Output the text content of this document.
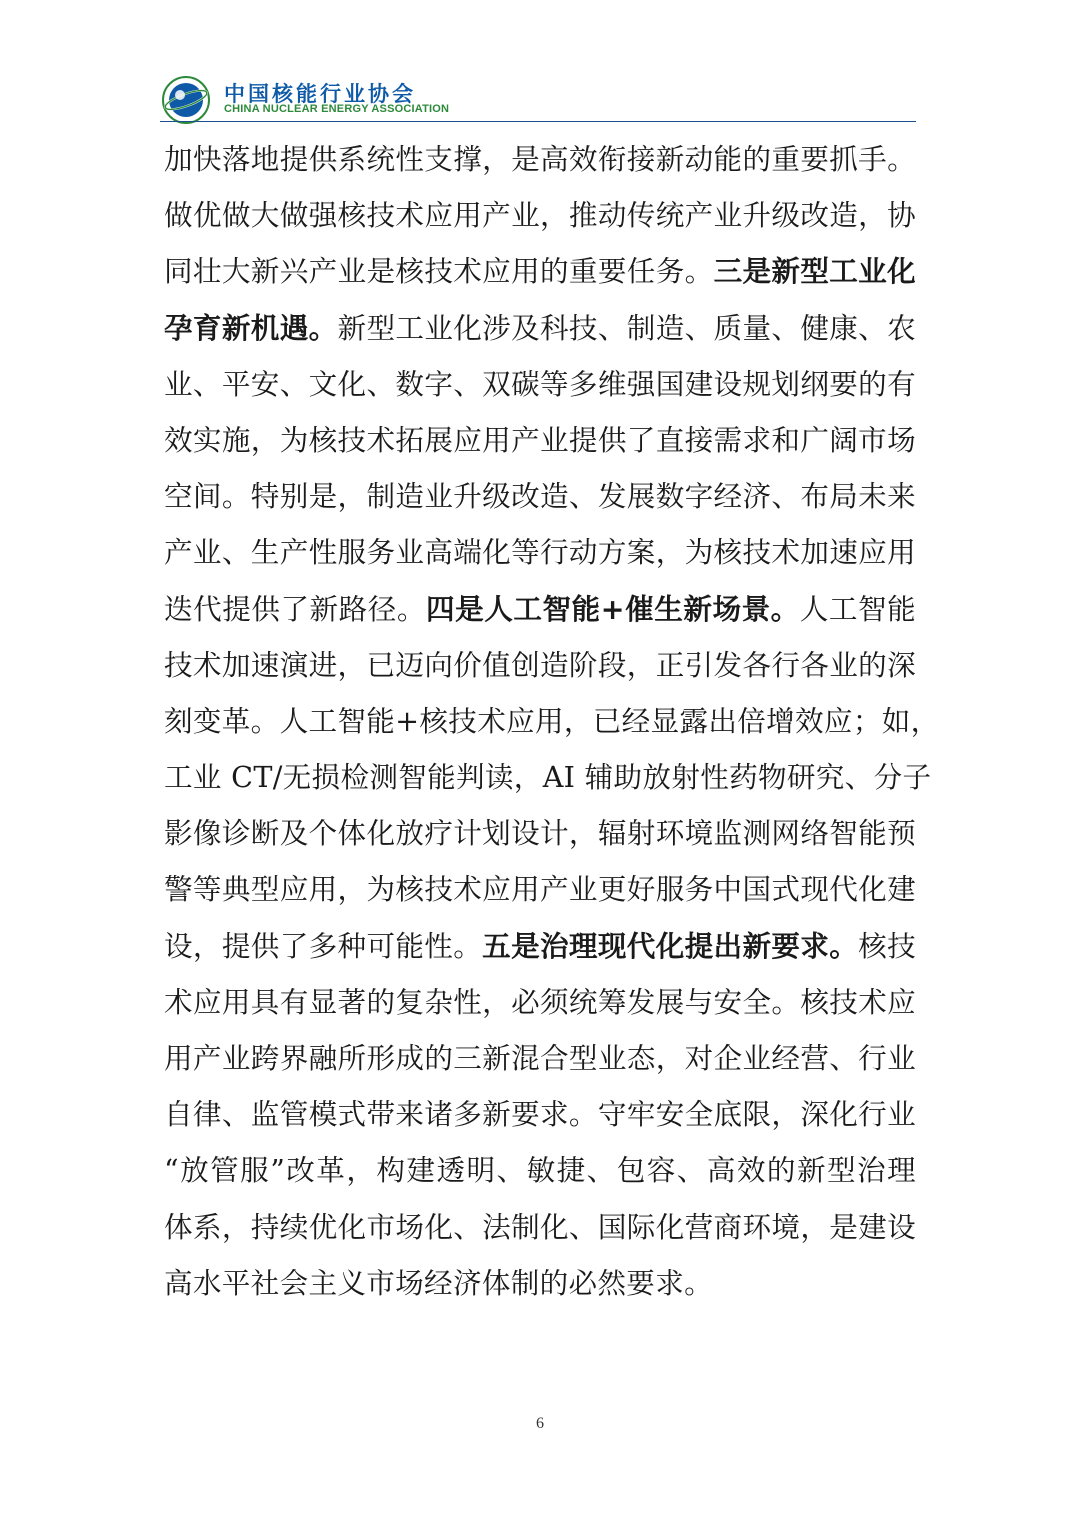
中国核能行业协会
CHINA NUCLEAR ENERGY ASSOCIATION
加快落地提供系统性支撑，是高效衔接新动能的重要抓手。
做优做大做强核技术应用产业，推动传统产业升级改造，协
同壮大新兴产业是核技术应用的重要任务。三是新型工业化
孕育新机遇。新型工业化涉及科技、制造、质量、健康、农
业、平安、文化、数字、双碳等多维强国建设规划纲要的有
效实施，为核技术拓展应用产业提供了直接需求和广阔市场
空间。特别是，制造业升级改造、发展数字经济、布局未来
产业、生产性服务业高端化等行动方案，为核技术加速应用
迭代提供了新路径。四是人工智能+催生新场景。人工智能
技术加速演进，已迈向价值创造阶段，正引发各行各业的深
刻变革。人工智能+核技术应用，已经显露出倍增效应；如，
工业 CT/无损检测智能判读，AI 辅助放射性药物研究、分子
影像诊断及个体化放疗计划设计，辐射环境监测网络智能预
警等典型应用，为核技术应用产业更好服务中国式现代化建
设，提供了多种可能性。五是治理现代化提出新要求。核技
术应用具有显著的复杂性，必须统筹发展与安全。核技术应
用产业跨界融所形成的三新混合型业态，对企业经营、行业
自律、监管模式带来诸多新要求。守牢安全底限，深化行业
“放管服”改革，构建透明、敏捷、包容、高效的新型治理
体系，持续优化市场化、法制化、国际化营商环境，是建设
高水平社会主义市场经济体制的必然要求。
6
